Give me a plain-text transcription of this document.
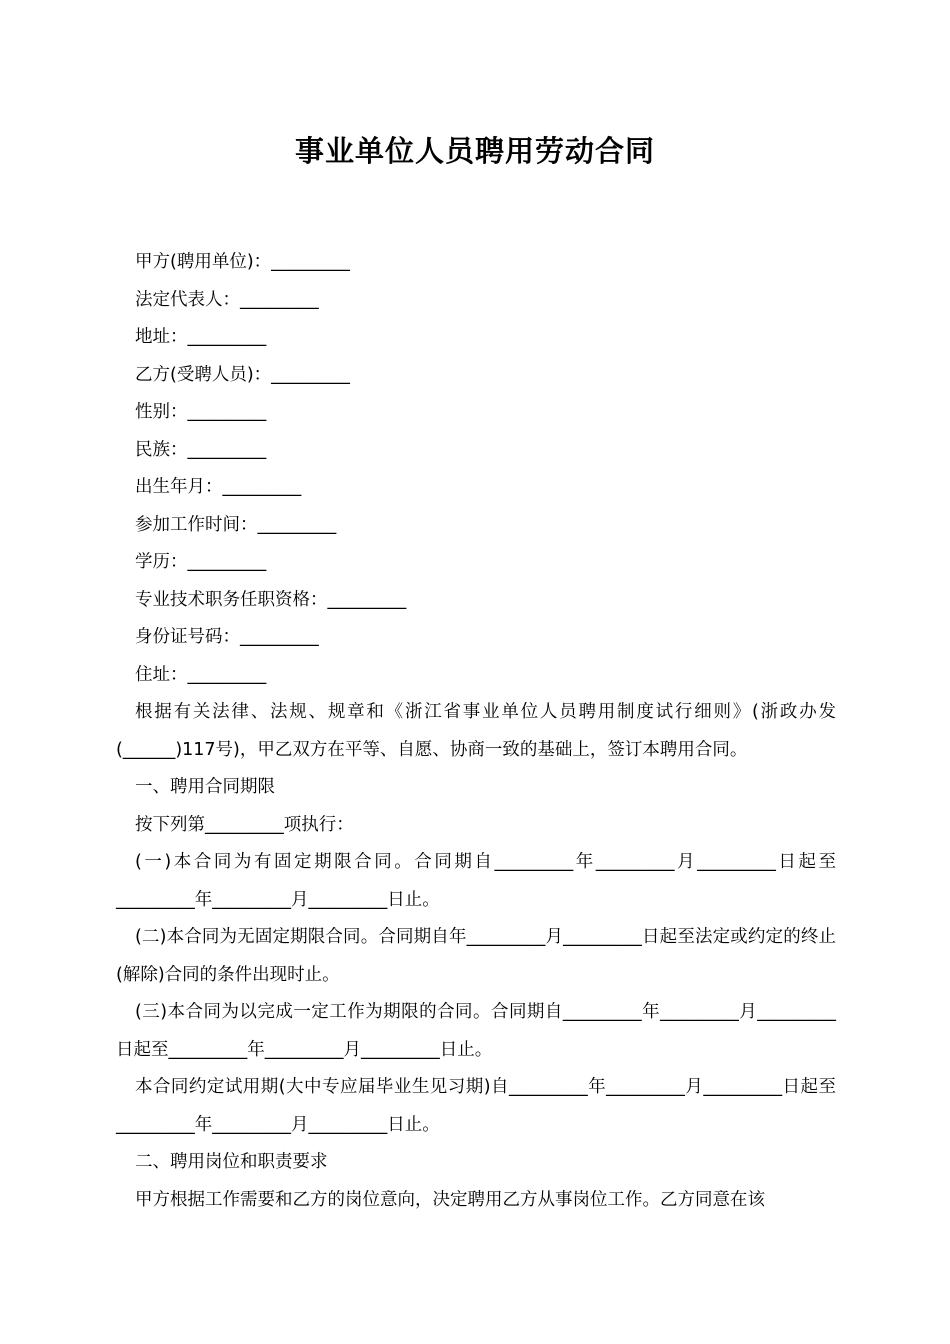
事业单位人员聘用劳动合同

甲方(聘用单位)：_________

法定代表人：_________

地址：_________

乙方(受聘人员)：_________

性别：_________

民族：_________

出生年月：_________

参加工作时间：_________

学历：_________

专业技术职务任职资格：_________

身份证号码：_________

住址：_________

根据有关法律、法规、规章和《浙江省事业单位人员聘用制度试行细则》(浙政办发(______)117号)，甲乙双方在平等、自愿、协商一致的基础上，签订本聘用合同。

一、聘用合同期限

按下列第_________项执行：

(一)本合同为有固定期限合同。合同期自_________年_________月_________日起至_________年_________月_________日止。

(二)本合同为无固定期限合同。合同期自年_________月_________日起至法定或约定的终止(解除)合同的条件出现时止。

(三)本合同为以完成一定工作为期限的合同。合同期自_________年_________月_________日起至_________年_________月_________日止。

本合同约定试用期(大中专应届毕业生见习期)自_________年_________月_________日起至_________年_________月_________日止。

二、聘用岗位和职责要求

甲方根据工作需要和乙方的岗位意向，决定聘用乙方从事岗位工作。乙方同意在该
